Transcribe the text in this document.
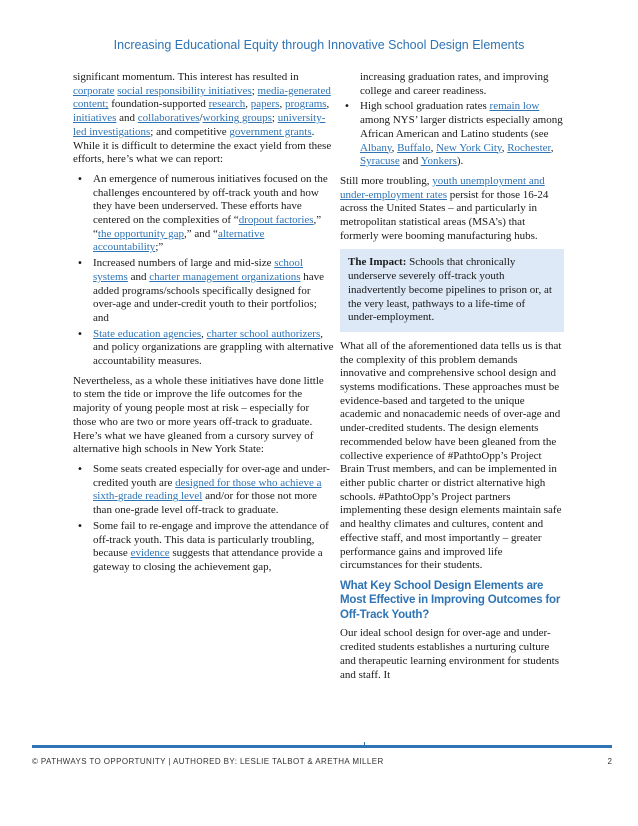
Increasing Educational Equity through Innovative School Design Elements

significant momentum. This interest has resulted in corporate social responsibility initiatives; media-generated content; foundation-supported research, papers, programs, initiatives and collaboratives/working groups; university-led investigations; and competitive government grants. While it is difficult to determine the exact yield from these efforts, here’s what we can report:

• An emergence of numerous initiatives focused on the challenges encountered by off-track youth and how they have been underserved. These efforts have centered on the complexities of “dropout factories,” “the opportunity gap,” and “alternative accountability;”
• Increased numbers of large and mid-size school systems and charter management organizations have added programs/schools specifically designed for over-age and under-credit youth to their portfolios; and
• State education agencies, charter school authorizers, and policy organizations are grappling with alternative accountability measures.

Nevertheless, as a whole these initiatives have done little to stem the tide or improve the life outcomes for the majority of young people most at risk – especially for those who are two or more years off-track to graduate. Here’s what we have gleaned from a cursory survey of alternative high schools in New York State:

• Some seats created especially for over-age and under-credited youth are designed for those who achieve a sixth-grade reading level and/or for those not more than one-grade level off-track to graduate.
• Some fail to re-engage and improve the attendance of off-track youth. This data is particularly troubling, because evidence suggests that attendance provide a gateway to closing the achievement gap,
increasing graduation rates, and improving college and career readiness.
• High school graduation rates remain low among NYS’ larger districts especially among African American and Latino students (see Albany, Buffalo, New York City, Rochester, Syracuse and Yonkers).

Still more troubling, youth unemployment and under-employment rates persist for those 16-24 across the United States – and particularly in metropolitan statistical areas (MSA’s) that formerly were booming manufacturing hubs.

The Impact: Schools that chronically underserve severely off-track youth inadvertently become pipelines to prison or, at the very least, pathways to a life-time of under-employment.

What all of the aforementioned data tells us is that the complexity of this problem demands innovative and comprehensive school design and systems modifications. These approaches must be evidence-based and targeted to the unique academic and nonacademic needs of over-age and under-credited students. The design elements recommended below have been gleaned from the collective experience of #PathtoOpp’s Project Brain Trust members, and can be implemented in either public charter or district alternative high schools. #PathtoOpp’s Project partners implementing these design elements maintain safe and healthy climates and cultures, content and effective staff, and most importantly – greater performance gains and improved life circumstances for their students.

What Key School Design Elements are Most Effective in Improving Outcomes for Off-Track Youth?

Our ideal school design for over-age and under-credited students establishes a nurturing culture and therapeutic learning environment for students and staff. It

© PATHWAYS TO OPPORTUNITY | AUTHORED BY: LESLIE TALBOT & ARETHA MILLER	2
